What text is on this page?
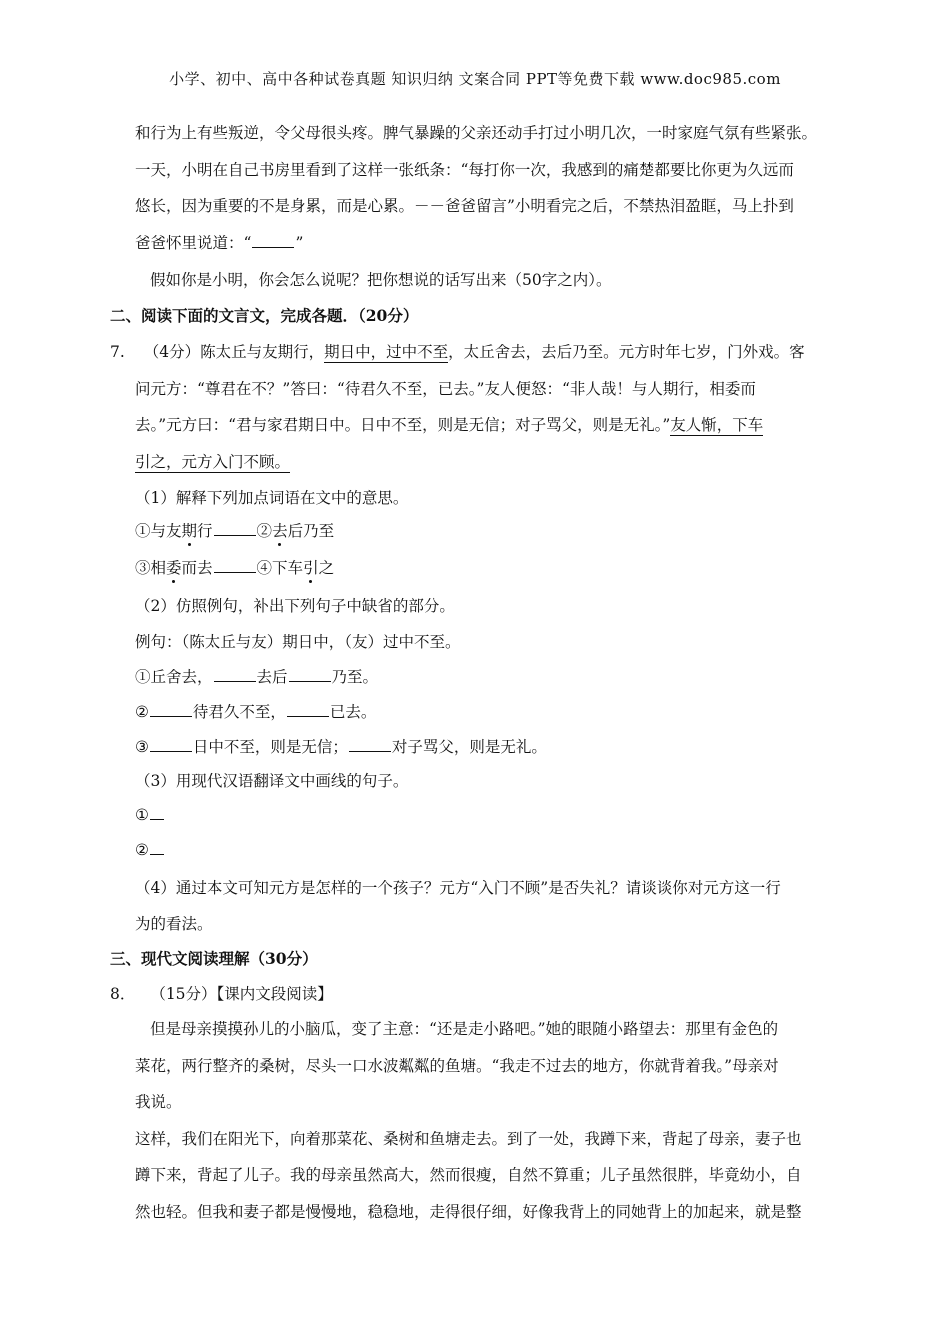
小学、初中、高中各种试卷真题 知识归纳 文案合同 PPT等免费下载 www.doc985.com
和行为上有些叛逆，令父母很头疼。脾气暴躁的父亲还动手打过小明几次，一时家庭气氛有些紧张。
一天，小明在自己书房里看到了这样一张纸条：“每打你一次，我感到的痛楚都要比你更为久远而
悠长，因为重要的不是身累，而是心累。－－爸爸留言”小明看完之后，不禁热泪盈眶，马上扑到
爸爸怀里说道：“	”
假如你是小明，你会怎么说呢？把你想说的话写出来（50字之内）。
二、阅读下面的文言文，完成各题．（20分）
7. （4分）陈太丘与友期行，期日中，过中不至，太丘舍去，去后乃至。元方时年七岁，门外戏。客
问元方：“尊君在不？”答曰：“待君久不至，已去。”友人便怒：“非人哉！与人期行，相委而
去。”元方曰：“君与家君期日中。日中不至，则是无信；对子骂父，则是无礼。”友人惭，下车
引之，元方入门不顾。
（1）解释下列加点词语在文中的意思。
①与友期行	②去后乃至
③相委而去	④下车引之
（2）仿照例句，补出下列句子中缺省的部分。
例句：（陈太丘与友）期日中，（友）过中不至。
①丘舍去，	去后	乃至。
②	待君久不至，	已去。
③	日中不至，则是无信；	对子骂父，则是无礼。
（3）用现代汉语翻译文中画线的句子。
①
②
（4）通过本文可知元方是怎样的一个孩子？元方“入门不顾”是否失礼？请谈谈你对元方这一行
为的看法。
三、现代文阅读理解（30分）
8． （15分）【课内文段阅读】
但是母亲摸摸孙儿的小脑瓜，变了主意：“还是走小路吧。”她的眼随小路望去：那里有金色的
菜花，两行整齐的桑树，尽头一口水波粼粼的鱼塘。“我走不过去的地方，你就背着我。”母亲对
我说。
这样，我们在阳光下，向着那菜花、桑树和鱼塘走去。到了一处，我蹲下来，背起了母亲，妻子也
蹲下来，背起了儿子。我的母亲虽然高大，然而很瘦，自然不算重；儿子虽然很胖，毕竟幼小，自
然也轻。但我和妻子都是慢慢地，稳稳地，走得很仔细，好像我背上的同她背上的加起来，就是整
